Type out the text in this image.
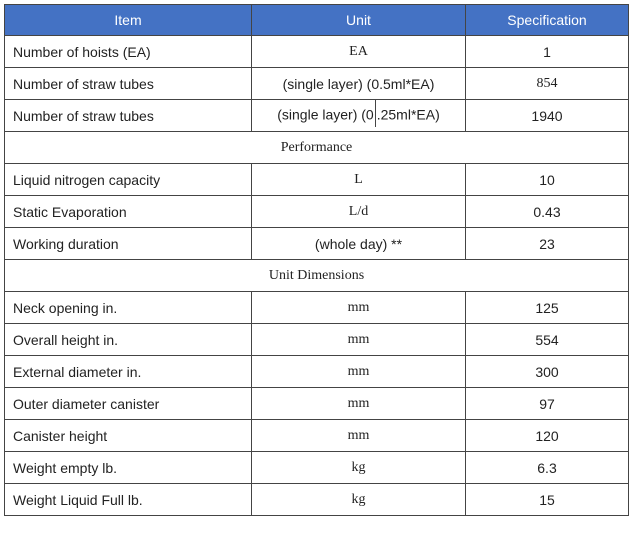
Item	Unit	Specification
Number of hoists (EA)	EA	1
Number of straw tubes	(single layer) (0.5ml*EA)	854
Number of straw tubes	(single layer) (0 .25ml*EA)	1940
Performance		
Liquid nitrogen capacity	L	10
Static Evaporation	L/d	0.43
Working duration	(whole day) **	23
Unit Dimensions		
Neck opening in.	mm	125
Overall height in.	mm	554
External diameter in.	mm	300
Outer diameter canister	mm	97
Canister height	mm	120
Weight empty lb.	kg	6.3
Weight Liquid Full lb.	kg	15
